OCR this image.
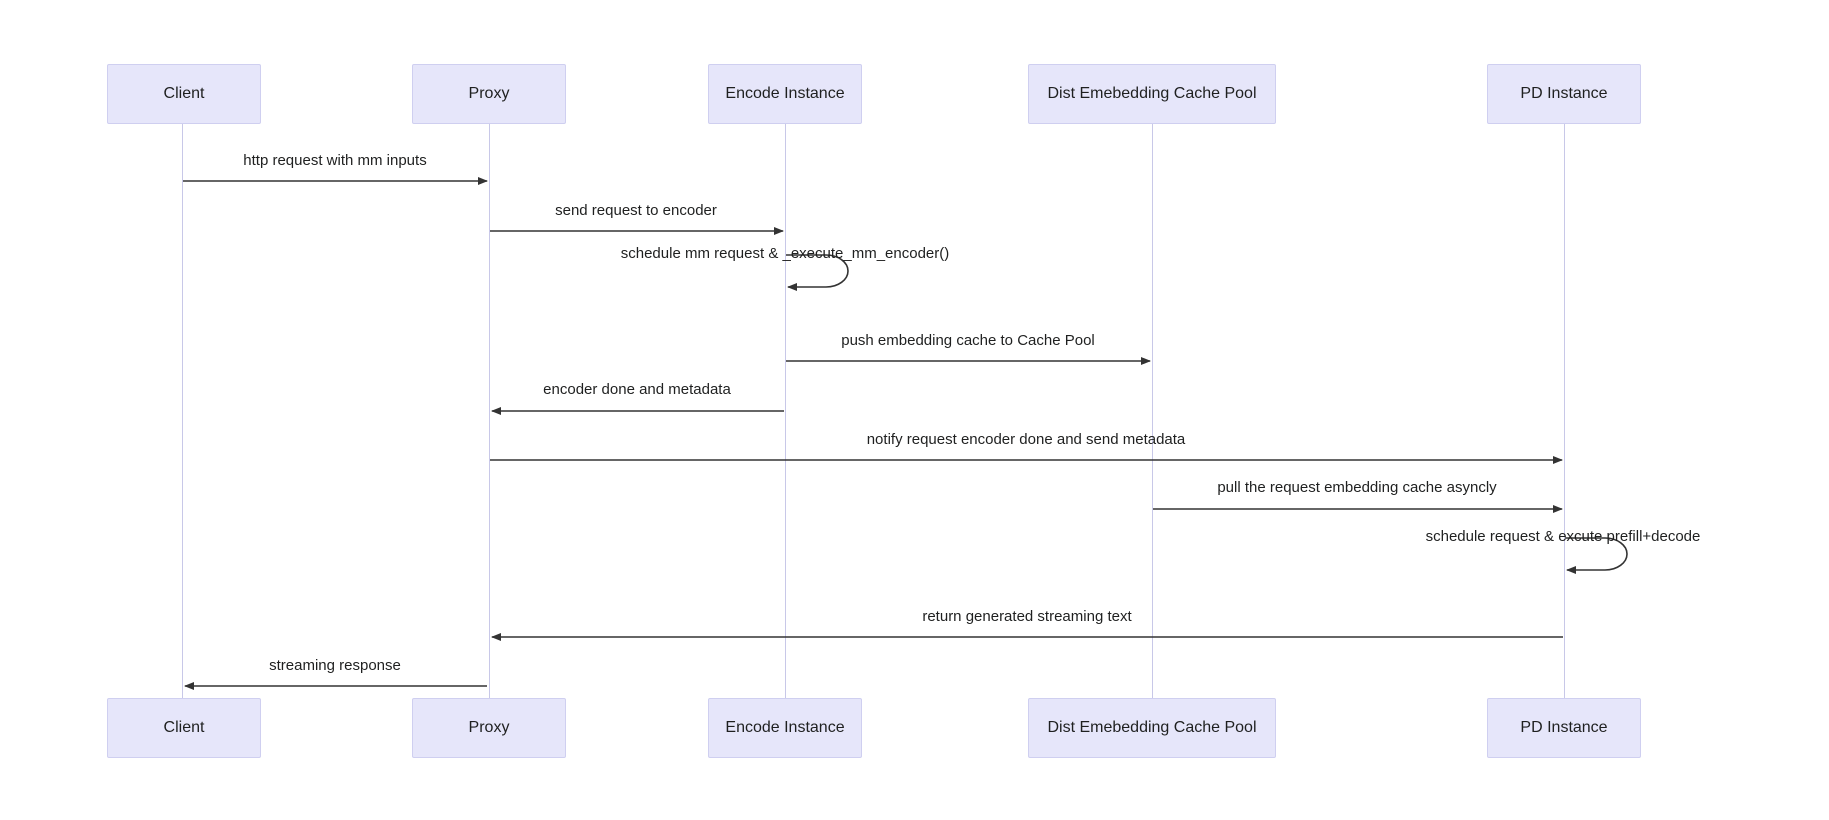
Client	Proxy	Encode Instance	Dist Emebedding Cache Pool	PD Instance
http request with mm inputs
send request to encoder
schedule mm request & _execute_mm_encoder()
push embedding cache to Cache Pool
encoder done and metadata
notify request encoder done and send metadata
pull the request embedding cache asyncly
schedule request & excute prefill+decode
return generated streaming text
streaming response
Client	Proxy	Encode Instance	Dist Emebedding Cache Pool	PD Instance
